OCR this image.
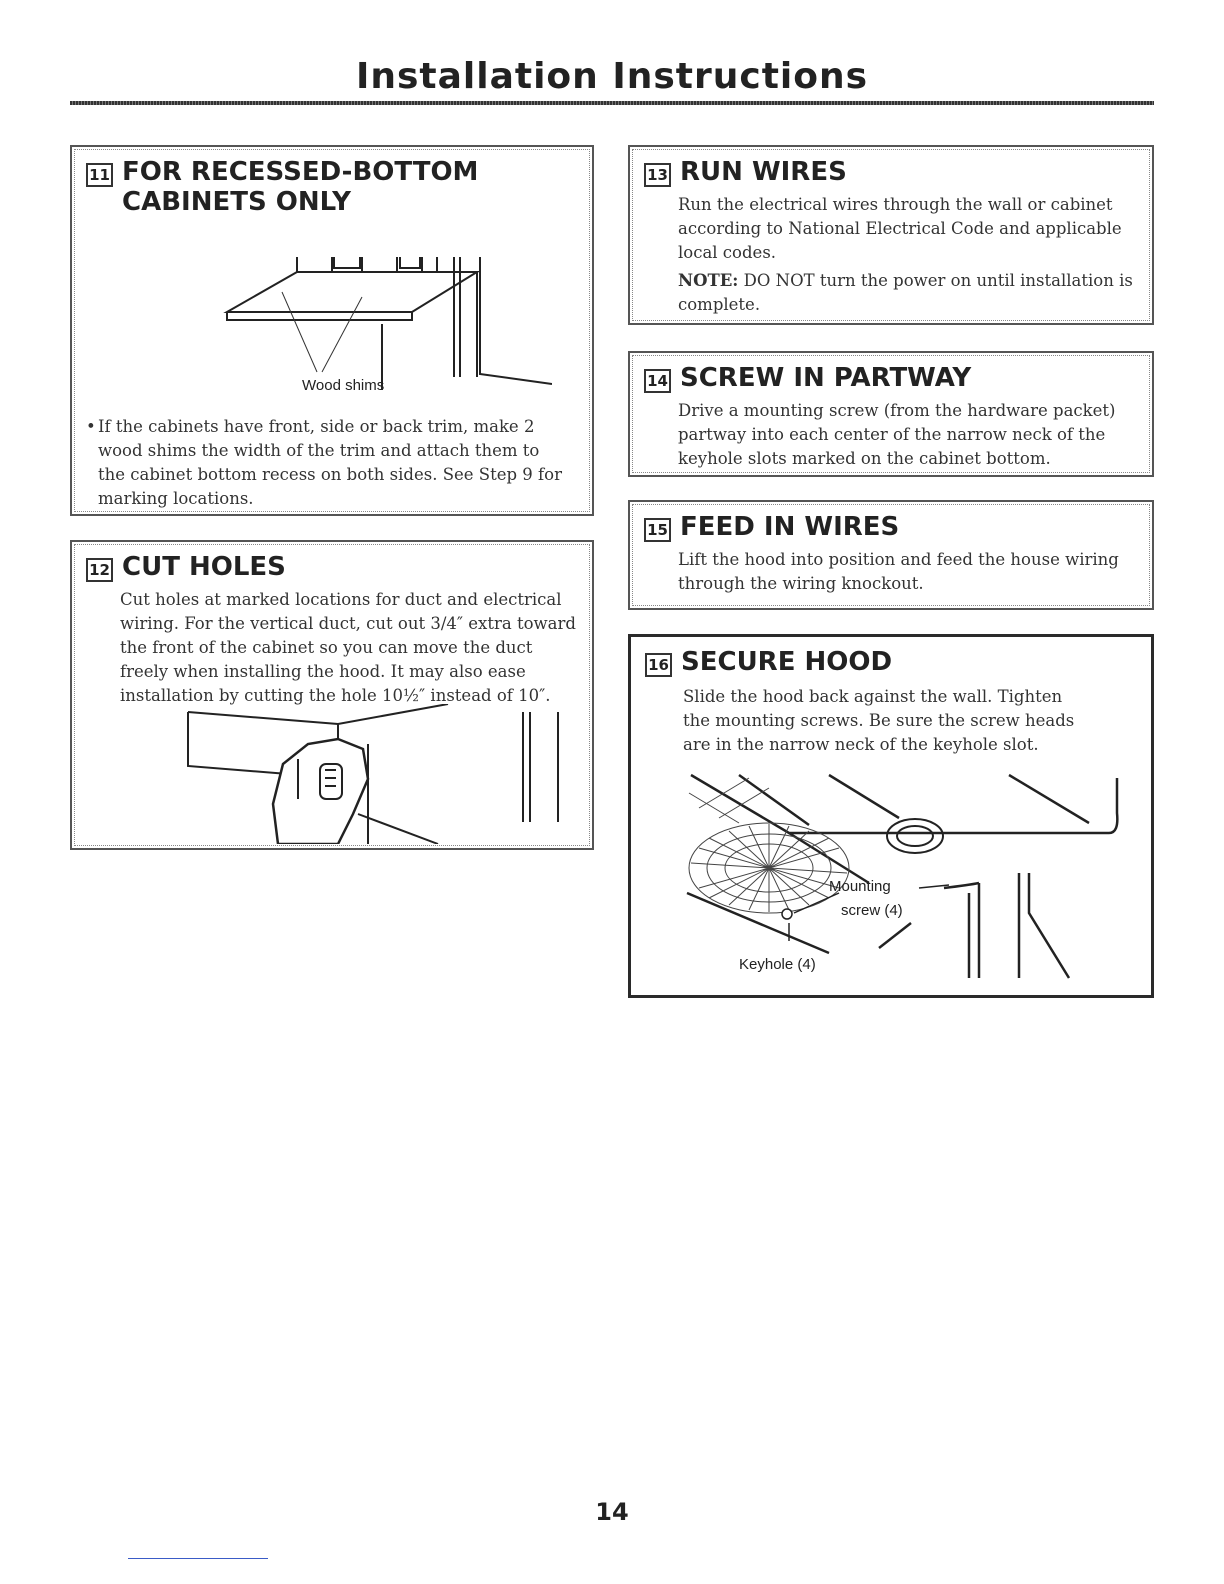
Installation Instructions
11 FOR RECESSED-BOTTOM
CABINETS ONLY
Wood shims

• If the cabinets have front, side or back trim, make 2 wood shims the width of the trim and attach them to the cabinet bottom recess on both sides. See Step 9 for marking locations.

12 CUT HOLES

Cut holes at marked locations for duct and electrical wiring. For the vertical duct, cut out 3/4″ extra toward the front of the cabinet so you can move the duct freely when installing the hood. It may also ease installation by cutting the hole 10½″ instead of 10″.

13 RUN WIRES

Run the electrical wires through the wall or cabinet according to National Electrical Code and applicable local codes.

NOTE: DO NOT turn the power on until installation is complete.

14 SCREW IN PARTWAY

Drive a mounting screw (from the hardware packet) partway into each center of the narrow neck of the keyhole slots marked on the cabinet bottom.

15 FEED IN WIRES

Lift the hood into position and feed the house wiring through the wiring knockout.

16 SECURE HOOD

Slide the hood back against the wall. Tighten the mounting screws. Be sure the screw heads are in the narrow neck of the keyhole slot.

Mounting
screw (4)
Keyhole (4)
14
